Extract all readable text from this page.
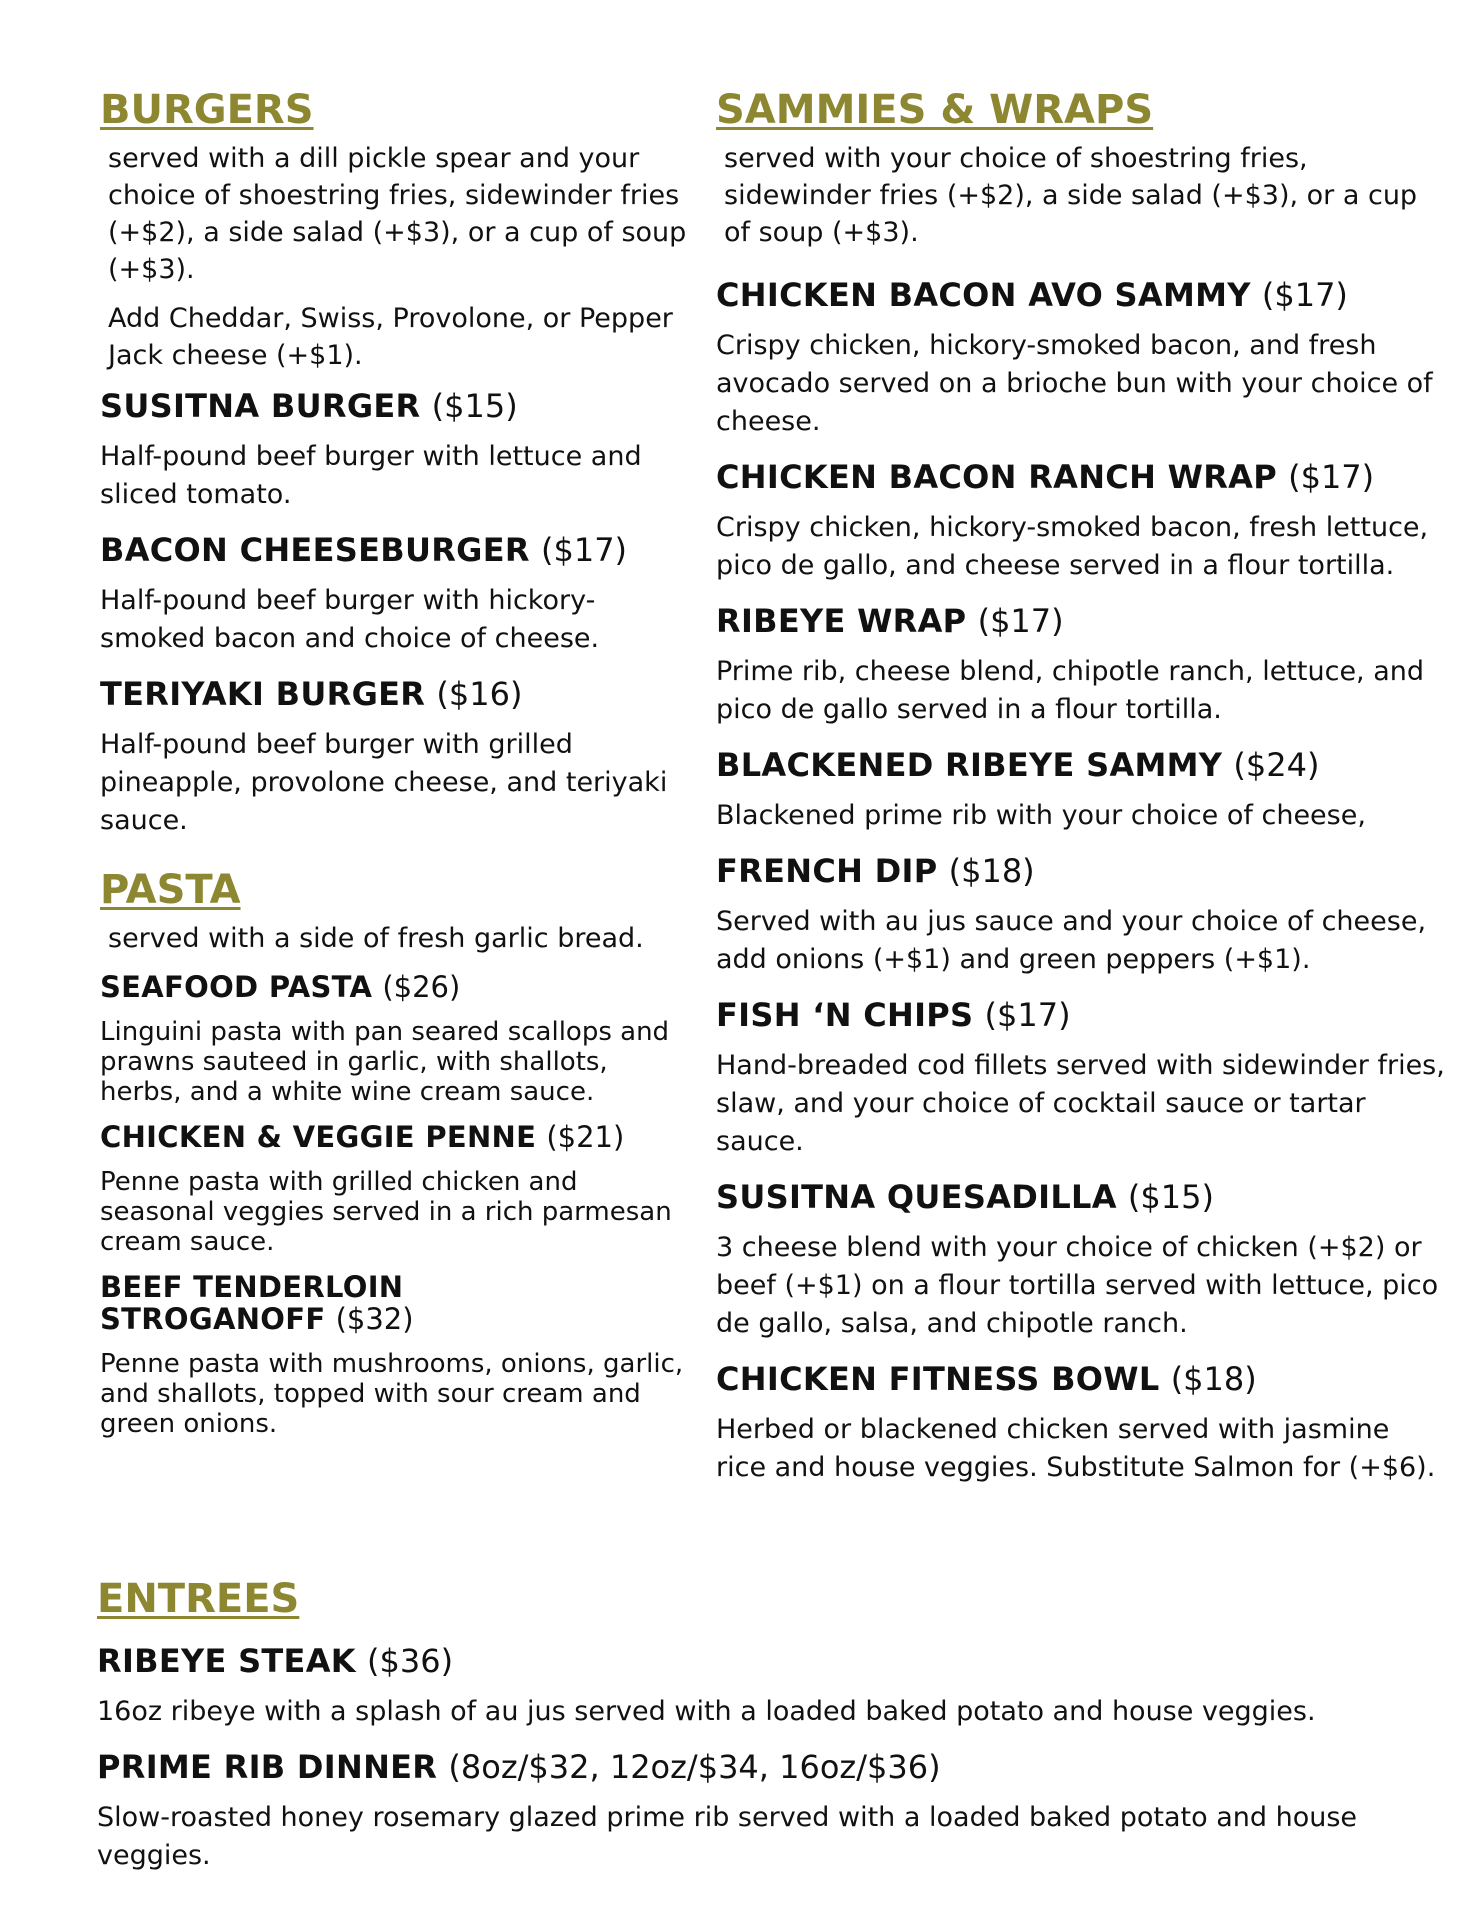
BURGERS

served with a dill pickle spear and your choice of shoestring fries, sidewinder fries (+$2), a side salad (+$3), or a cup of soup (+$3).

Add Cheddar, Swiss, Provolone, or Pepper Jack cheese (+$1).

SUSITNA BURGER ($15)

Half-pound beef burger with lettuce and sliced tomato.

BACON CHEESEBURGER ($17)

Half-pound beef burger with hickory-smoked bacon and choice of cheese.

TERIYAKI BURGER ($16)

Half-pound beef burger with grilled pineapple, provolone cheese, and teriyaki sauce.

PASTA

served with a side of fresh garlic bread.

SEAFOOD PASTA ($26)

Linguini pasta with pan seared scallops and prawns sauteed in garlic, with shallots, herbs, and a white wine cream sauce.

CHICKEN & VEGGIE PENNE ($21)

Penne pasta with grilled chicken and seasonal veggies served in a rich parmesan cream sauce.

BEEF TENDERLOIN STROGANOFF ($32)

Penne pasta with mushrooms, onions, garlic, and shallots, topped with sour cream and green onions.

SAMMIES & WRAPS

served with your choice of shoestring fries, sidewinder fries (+$2), a side salad (+$3), or a cup of soup (+$3).

CHICKEN BACON AVO SAMMY ($17)

Crispy chicken, hickory-smoked bacon, and fresh avocado served on a brioche bun with your choice of cheese.

CHICKEN BACON RANCH WRAP ($17)

Crispy chicken, hickory-smoked bacon, fresh lettuce, pico de gallo, and cheese served in a flour tortilla.

RIBEYE WRAP ($17)

Prime rib, cheese blend, chipotle ranch, lettuce, and pico de gallo served in a flour tortilla.

BLACKENED RIBEYE SAMMY ($24)

Blackened prime rib with your choice of cheese,

FRENCH DIP ($18)

Served with au jus sauce and your choice of cheese, add onions (+$1) and green peppers (+$1).

FISH ‘N CHIPS ($17)

Hand-breaded cod fillets served with sidewinder fries, slaw, and your choice of cocktail sauce or tartar sauce.

SUSITNA QUESADILLA ($15)

3 cheese blend with your choice of chicken (+$2) or beef (+$1) on a flour tortilla served with lettuce, pico de gallo, salsa, and chipotle ranch.

CHICKEN FITNESS BOWL ($18)

Herbed or blackened chicken served with jasmine rice and house veggies. Substitute Salmon for (+$6).

ENTREES
RIBEYE STEAK ($36)

16oz ribeye with a splash of au jus served with a loaded baked potato and house veggies.

PRIME RIB DINNER (8oz/$32, 12oz/$34, 16oz/$36)

Slow-roasted honey rosemary glazed prime rib served with a loaded baked potato and house veggies.
